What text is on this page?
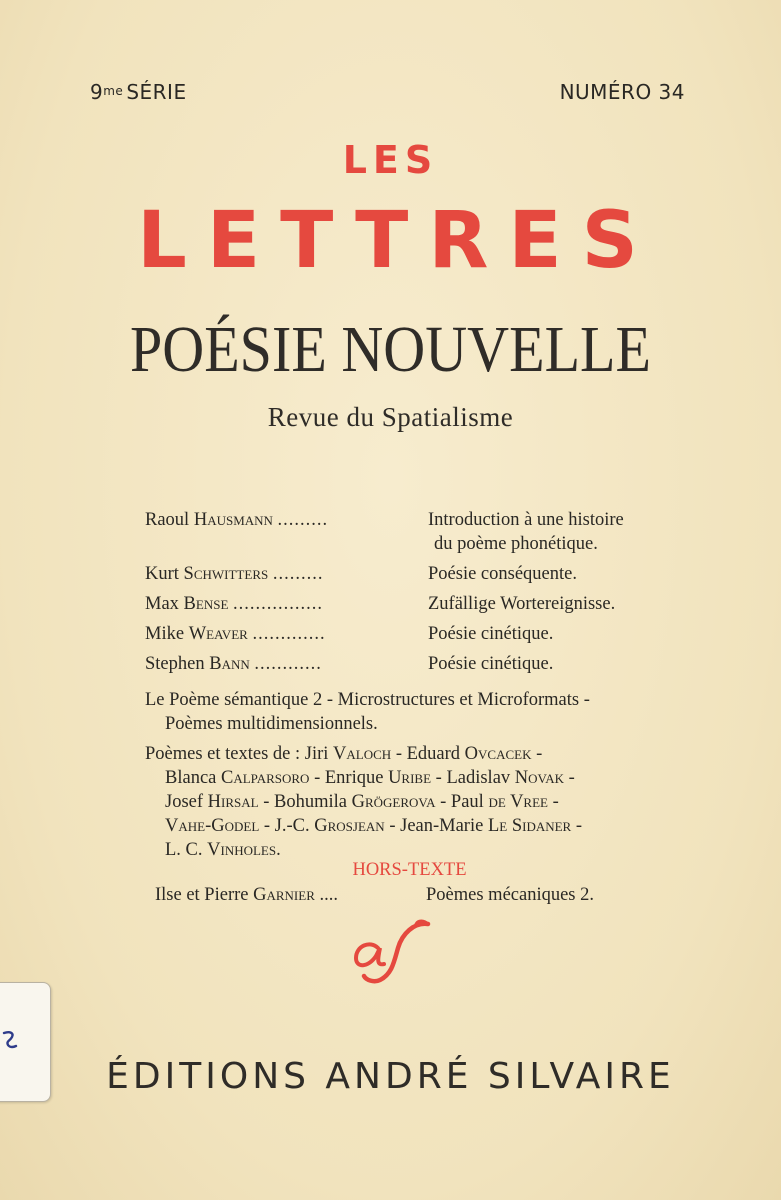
$9^{me}$ SÉRIE	NUMÉRO 34
LES
LETTRES
POÉSIE NOUVELLE
Revue du Spatialisme
Raoul Hausmann .........	Introduction à une histoire
du poème phonétique.
Kurt Schwitters .........	Poésie conséquente.
Max Bense ................	Zufällige Wortereignisse.
Mike Weaver .............	Poésie cinétique.
Stephen Bann ............	Poésie cinétique.
Le Poème sémantique 2 - Microstructures et Microformats -
Poèmes multidimensionnels.
Poèmes et textes de : Jiri Valoch - Eduard Ovcacek -
Blanca Calparsoro - Enrique Uribe - Ladislav Novak -
Josef Hirsal - Bohumila Grögerova - Paul de Vree -
Vahe-Godel - J.-C. Grosjean - Jean-Marie Le Sidaner -
L. C. Vinholes.
HORS-TEXTE
Ilse et Pierre Garnier ....	Poèmes mécaniques 2.
ÉDITIONS ANDRÉ SILVAIRE
